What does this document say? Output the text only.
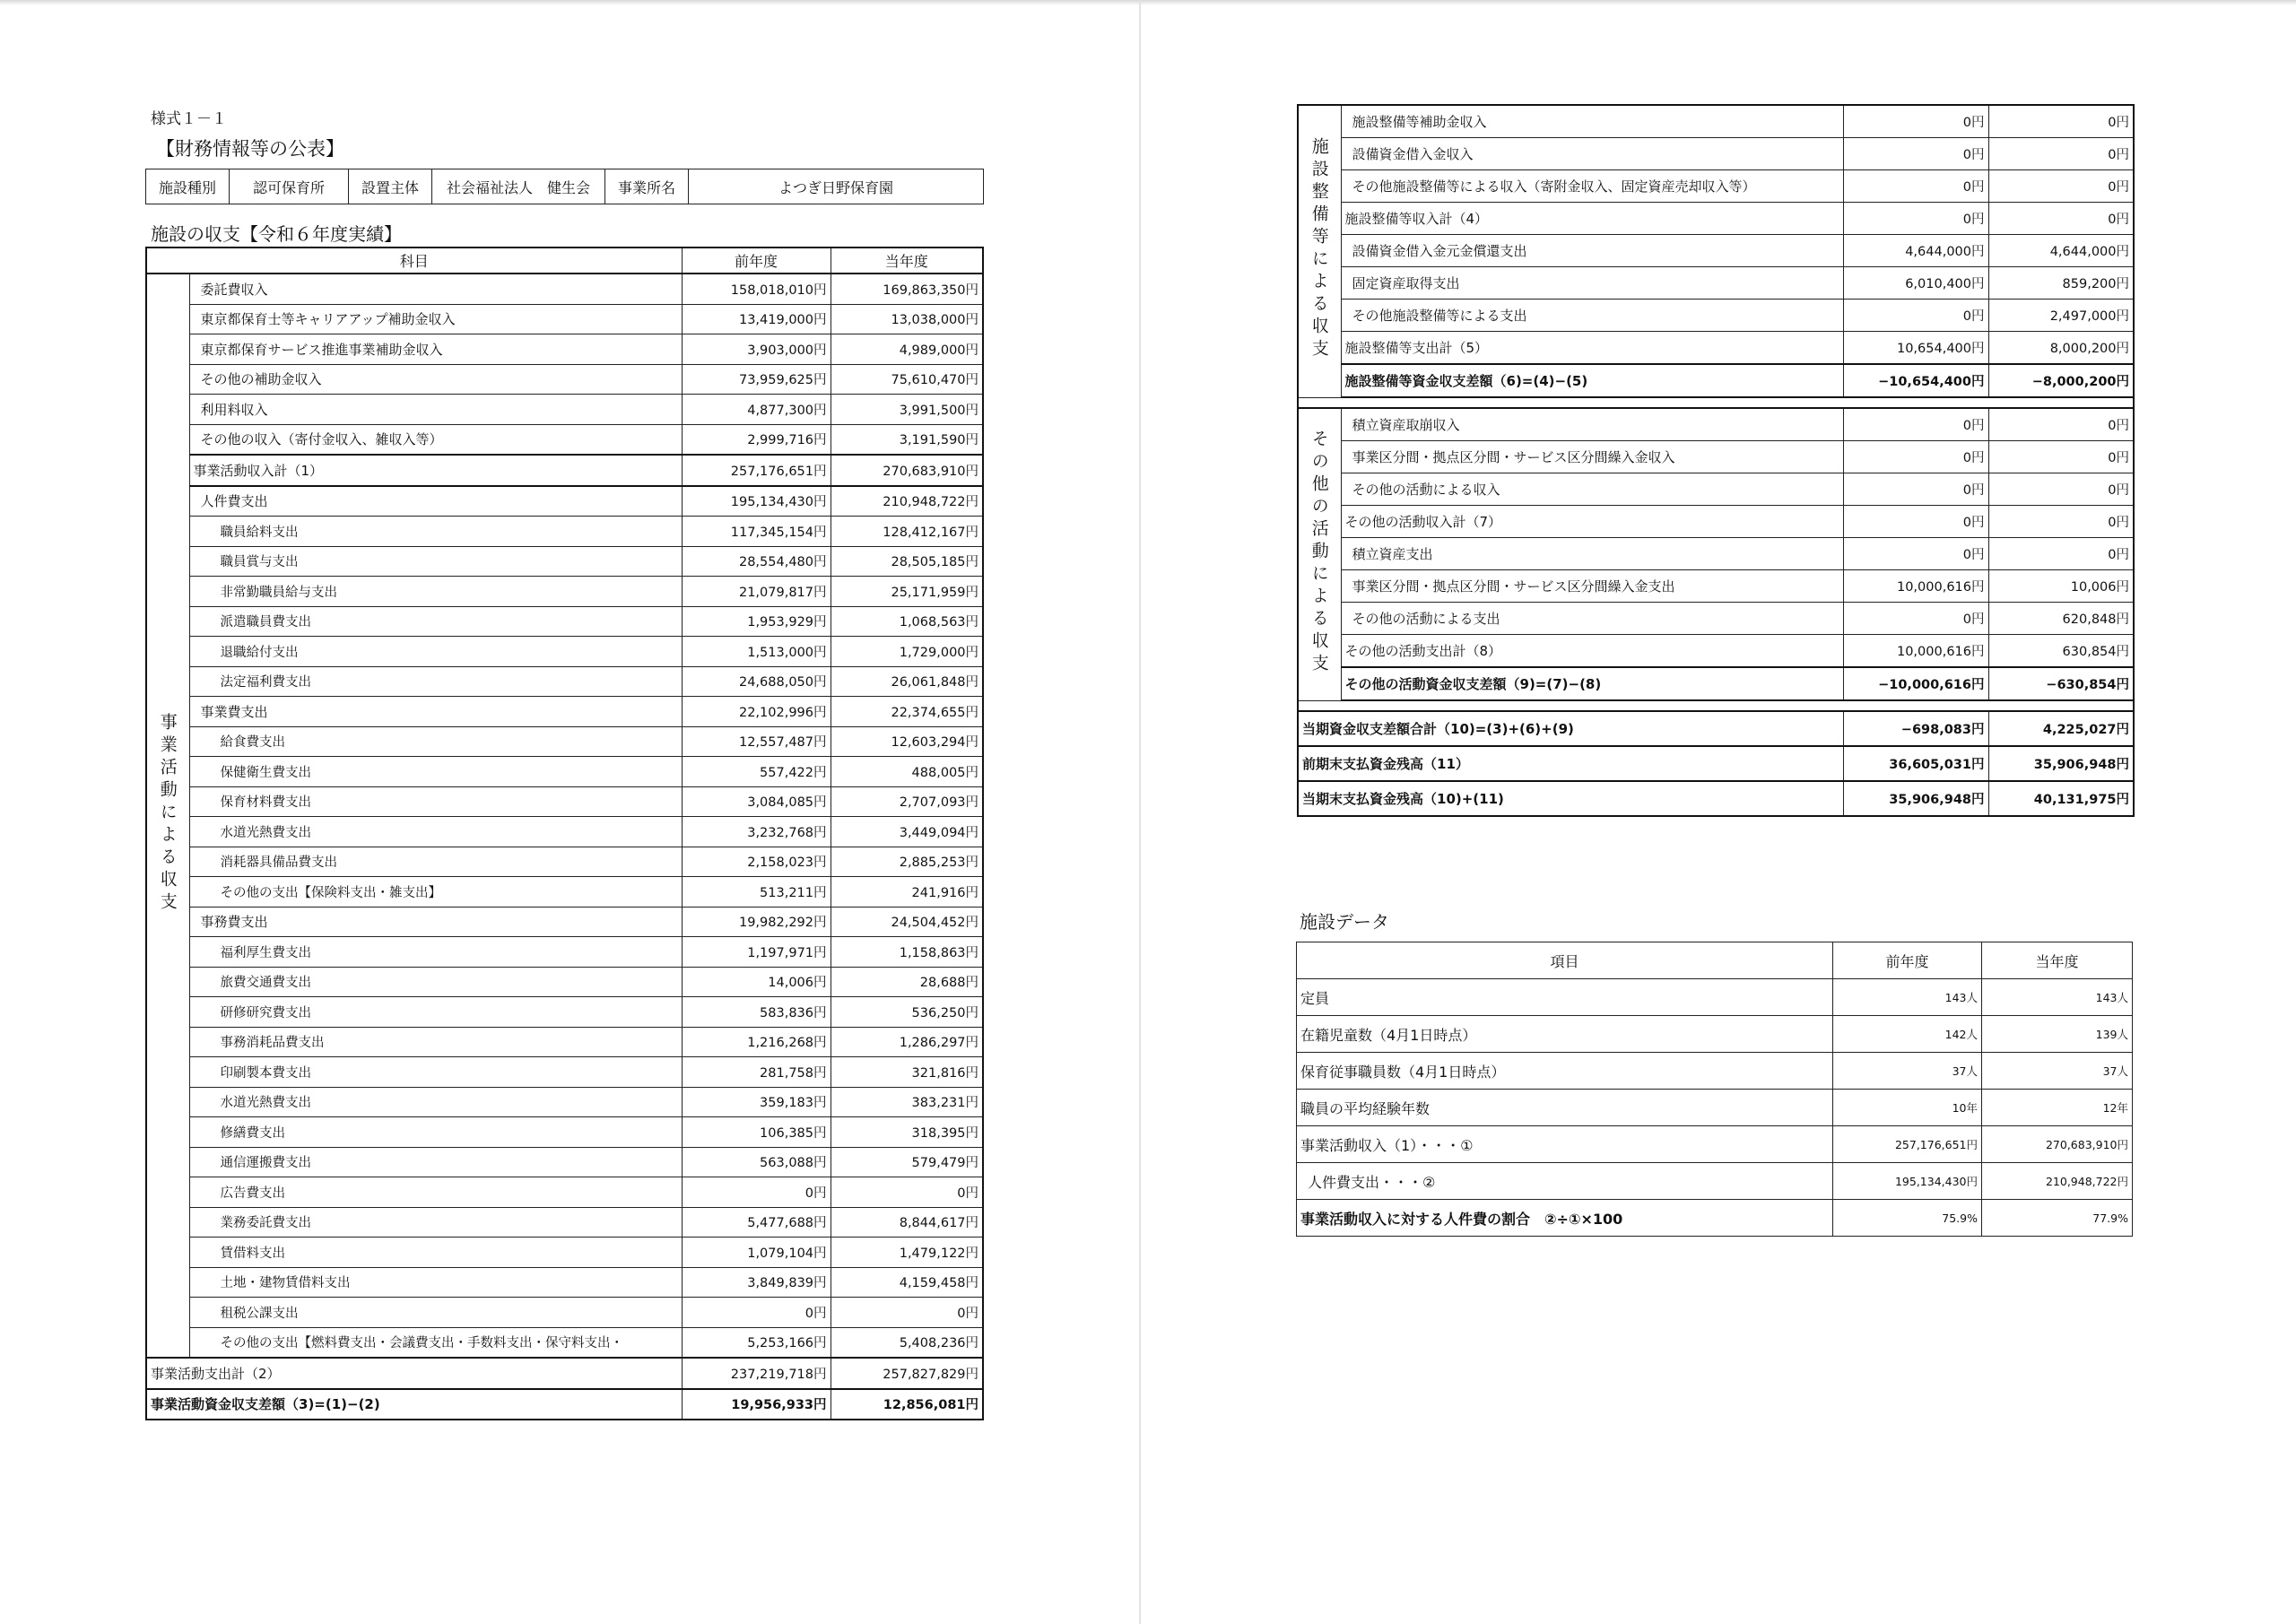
様式１－１
【財務情報等の公表】
施設種別	認可保育所	設置主体	社会福祉法人　健生会	事業所名	よつぎ日野保育園
施設の収支【令和６年度実績】
科目		前年度	当年度
事業活動による収支	委託費収入	158,018,010円	169,863,350円
	東京都保育士等キャリアアップ補助金収入	13,419,000円	13,038,000円
	東京都保育サービス推進事業補助金収入	3,903,000円	4,989,000円
	その他の補助金収入	73,959,625円	75,610,470円
	利用料収入	4,877,300円	3,991,500円
	その他の収入（寄付金収入、雑収入等）	2,999,716円	3,191,590円
	事業活動収入計（1）	257,176,651円	270,683,910円
	人件費支出	195,134,430円	210,948,722円
	職員給料支出	117,345,154円	128,412,167円
	職員賞与支出	28,554,480円	28,505,185円
	非常勤職員給与支出	21,079,817円	25,171,959円
	派遣職員費支出	1,953,929円	1,068,563円
	退職給付支出	1,513,000円	1,729,000円
	法定福利費支出	24,688,050円	26,061,848円
	事業費支出	22,102,996円	22,374,655円
	給食費支出	12,557,487円	12,603,294円
	保健衛生費支出	557,422円	488,005円
	保育材料費支出	3,084,085円	2,707,093円
	水道光熱費支出	3,232,768円	3,449,094円
	消耗器具備品費支出	2,158,023円	2,885,253円
	その他の支出【保険料支出・雑支出】	513,211円	241,916円
	事務費支出	19,982,292円	24,504,452円
	福利厚生費支出	1,197,971円	1,158,863円
	旅費交通費支出	14,006円	28,688円
	研修研究費支出	583,836円	536,250円
	事務消耗品費支出	1,216,268円	1,286,297円
	印刷製本費支出	281,758円	321,816円
	水道光熱費支出	359,183円	383,231円
	修繕費支出	106,385円	318,395円
	通信運搬費支出	563,088円	579,479円
	広告費支出	0円	0円
	業務委託費支出	5,477,688円	8,844,617円
	賃借料支出	1,079,104円	1,479,122円
	土地・建物賃借料支出	3,849,839円	4,159,458円
	租税公課支出	0円	0円
	その他の支出【燃料費支出・会議費支出・手数料支出・保守料支出・	5,253,166円	5,408,236円
事業活動支出計（2）		237,219,718円	257,827,829円
事業活動資金収支差額（3)=(1)−(2)		19,956,933円	12,856,081円
施設整備等による収支	施設整備等補助金収入	0円	0円
	設備資金借入金収入	0円	0円
	その他施設整備等による収入（寄附金収入、固定資産売却収入等）	0円	0円
	施設整備等収入計（4）	0円	0円
	設備資金借入金元金償還支出	4,644,000円	4,644,000円
	固定資産取得支出	6,010,400円	859,200円
	その他施設整備等による支出	0円	2,497,000円
	施設整備等支出計（5）	10,654,400円	8,000,200円
	施設整備等資金収支差額（6)=(4)−(5)	−10,654,400円	−8,000,200円

その他の活動による収支	積立資産取崩収入	0円	0円
	事業区分間・拠点区分間・サービス区分間繰入金収入	0円	0円
	その他の活動による収入	0円	0円
	その他の活動収入計（7）	0円	0円
	積立資産支出	0円	0円
	事業区分間・拠点区分間・サービス区分間繰入金支出	10,000,616円	10,006円
	その他の活動による支出	0円	620,848円
	その他の活動支出計（8）	10,000,616円	630,854円
	その他の活動資金収支差額（9)=(7)−(8)	−10,000,616円	−630,854円

当期資金収支差額合計（10)=(3)+(6)+(9)		−698,083円	4,225,027円
前期末支払資金残高（11）		36,605,031円	35,906,948円
当期末支払資金残高（10)+(11)		35,906,948円	40,131,975円
施設データ
項目	前年度	当年度
定員	143人	143人
在籍児童数（4月1日時点）	142人	139人
保育従事職員数（4月1日時点）	37人	37人
職員の平均経験年数	10年	12年
事業活動収入（1）・・・①	257,176,651円	270,683,910円
人件費支出・・・②	195,134,430円	210,948,722円
事業活動収入に対する人件費の割合　②÷①×100	75.9%	77.9%
